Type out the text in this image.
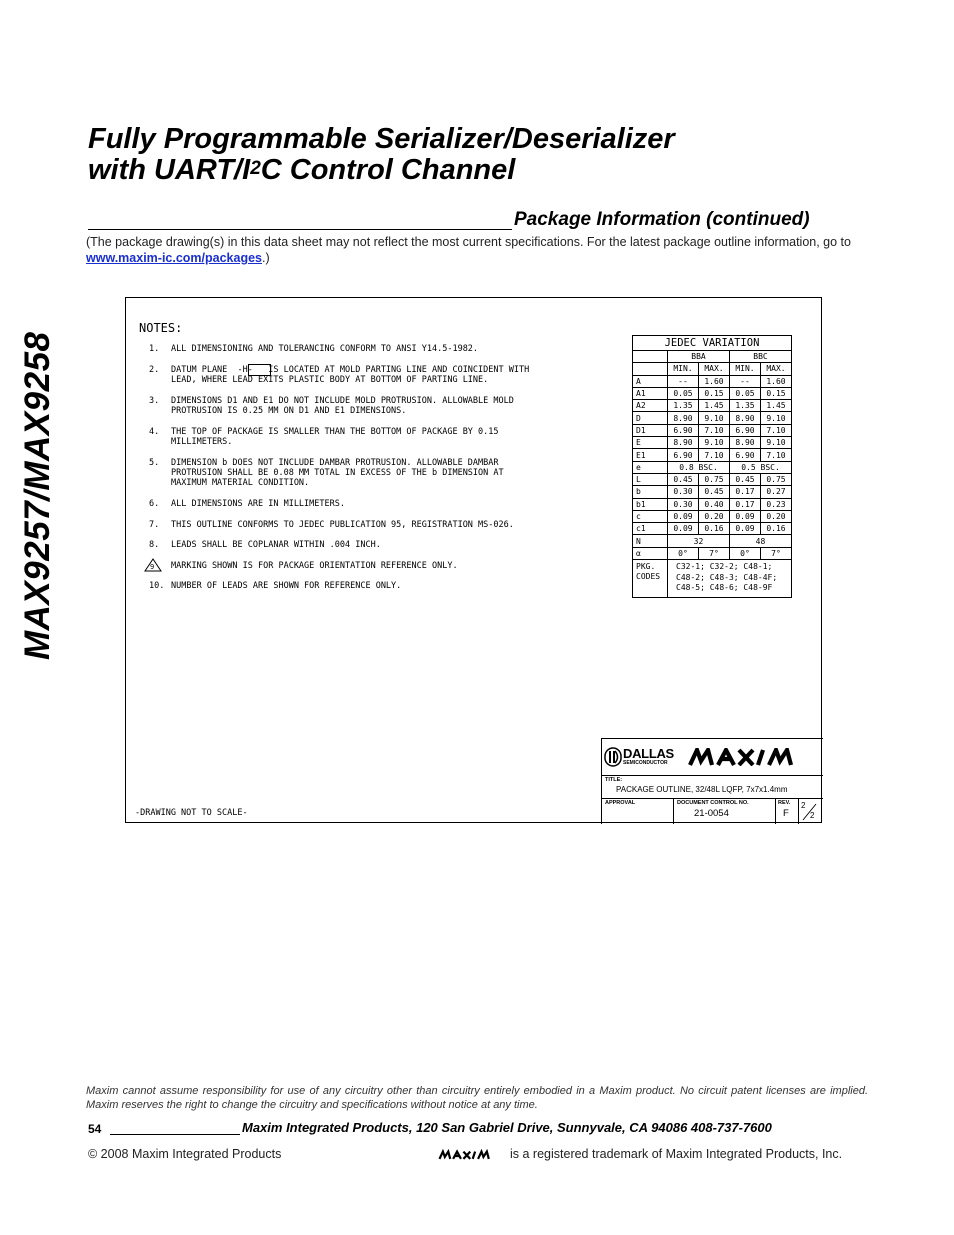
MAX9257/MAX9258
Fully Programmable Serializer/Deserializer
with UART/$I^2C$ Control Channel
Package Information (continued)
(The package drawing(s) in this data sheet may not reflect the most current specifications. For the latest package outline information, go to www.maxim-ic.com/packages.)
NOTES:
1. ALL DIMENSIONING AND TOLERANCING CONFORM TO ANSI Y14.5-1982.
2. DATUM PLANE  -H-   IS LOCATED AT MOLD PARTING LINE AND COINCIDENT WITH
LEAD, WHERE LEAD EXITS PLASTIC BODY AT BOTTOM OF PARTING LINE.
3. DIMENSIONS D1 AND E1 DO NOT INCLUDE MOLD PROTRUSION. ALLOWABLE MOLD
PROTRUSION IS 0.25 MM ON D1 AND E1 DIMENSIONS.
4. THE TOP OF PACKAGE IS SMALLER THAN THE BOTTOM OF PACKAGE BY 0.15
MILLIMETERS.
5. DIMENSION b DOES NOT INCLUDE DAMBAR PROTRUSION. ALLOWABLE DAMBAR
PROTRUSION SHALL BE 0.08 MM TOTAL IN EXCESS OF THE b DIMENSION AT
MAXIMUM MATERIAL CONDITION.
6. ALL DIMENSIONS ARE IN MILLIMETERS.
7. THIS OUTLINE CONFORMS TO JEDEC PUBLICATION 95, REGISTRATION MS-026.
8. LEADS SHALL BE COPLANAR WITHIN .004 INCH.
9 MARKING SHOWN IS FOR PACKAGE ORIENTATION REFERENCE ONLY.
10. NUMBER OF LEADS ARE SHOWN FOR REFERENCE ONLY.
JEDEC VARIATION				
	BBA		BBC	
	MIN.	MAX.	MIN.	MAX.
A	--	1.60	--	1.60
A1	0.05	0.15	0.05	0.15
A2	1.35	1.45	1.35	1.45
D	8.90	9.10	8.90	9.10
D1	6.90	7.10	6.90	7.10
E	8.90	9.10	8.90	9.10
E1	6.90	7.10	6.90	7.10
e	0.8 BSC.		0.5 BSC.	
L	0.45	0.75	0.45	0.75
b	0.30	0.45	0.17	0.27
b1	0.30	0.40	0.17	0.23
c	0.09	0.20	0.09	0.20
c1	0.09	0.16	0.09	0.16
N	32		48	
α	0°	7°	0°	7°
PKG.
CODES	C32-1; C32-2; C48-1;
C48-2; C48-3; C48-4F;
C48-5; C48-6; C48-9F			
-DRAWING NOT TO SCALE-
DALLAS
SEMICONDUCTOR
TITLE:
PACKAGE OUTLINE, 32/48L LQFP, 7x7x1.4mm
APPROVAL	DOCUMENT CONTROL NO.
21-0054
REV.
F
2
2
Maxim cannot assume responsibility for use of any circuitry other than circuitry entirely embodied in a Maxim product. No circuit patent licenses are implied. Maxim reserves the right to change the circuitry and specifications without notice at any time.
54	Maxim Integrated Products, 120 San Gabriel Drive, Sunnyvale, CA 94086 408-737-7600
© 2008 Maxim Integrated Products	is a registered trademark of Maxim Integrated Products, Inc.
